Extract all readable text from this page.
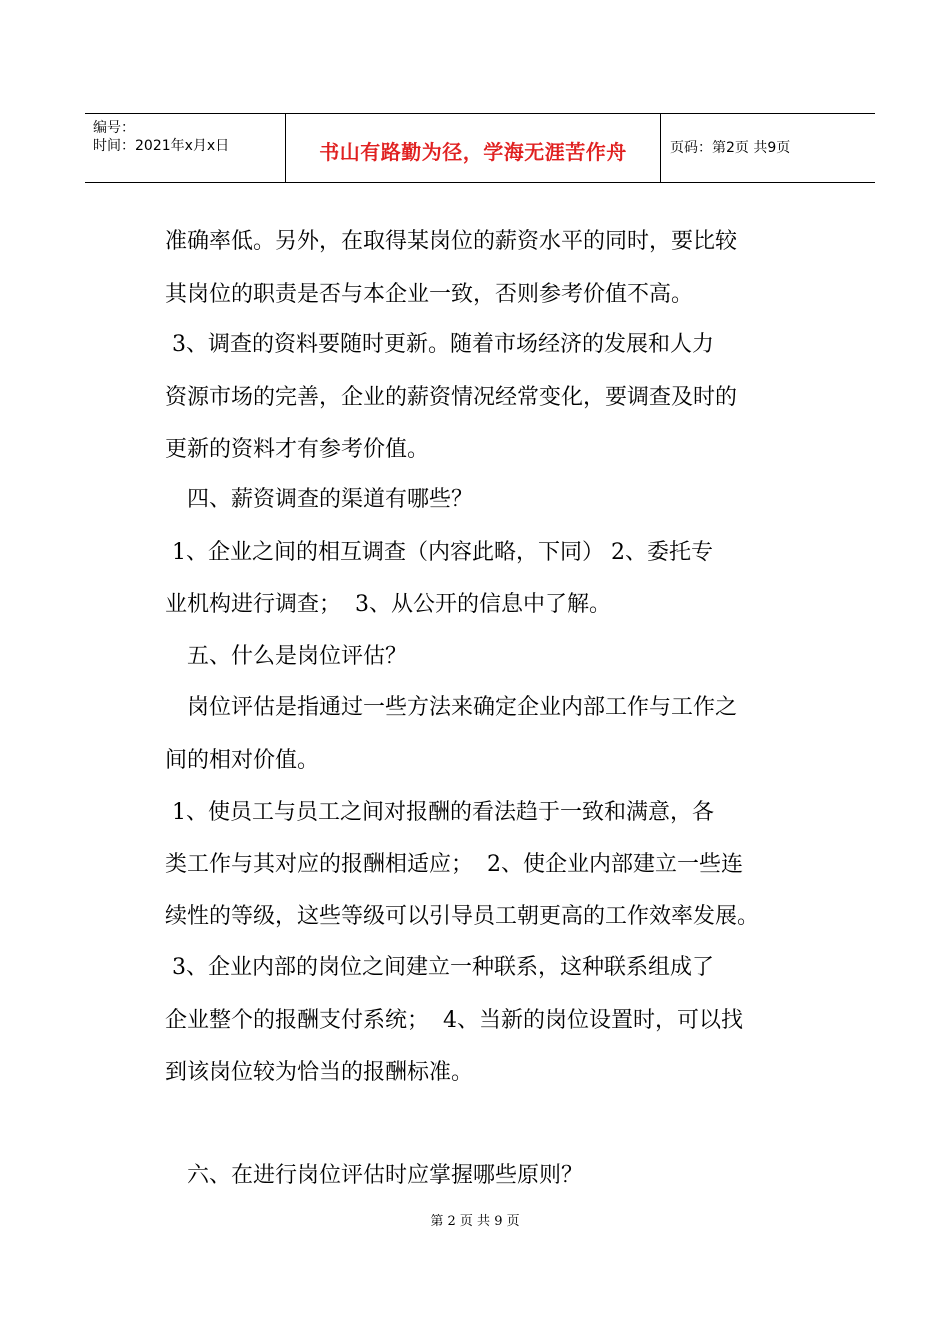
编号：
时间：2021年x月x日	书山有路勤为径，学海无涯苦作舟	页码：第2页 共9页
准确率低。另外，在取得某岗位的薪资水平的同时，要比较
其岗位的职责是否与本企业一致，否则参考价值不高。
3、调查的资料要随时更新。随着市场经济的发展和人力
资源市场的完善，企业的薪资情况经常变化，要调查及时的
更新的资料才有参考价值。
四、薪资调查的渠道有哪些？
1、企业之间的相互调查（内容此略，下同） 2、委托专
业机构进行调查；  3、从公开的信息中了解。
五、什么是岗位评估？
岗位评估是指通过一些方法来确定企业内部工作与工作之
间的相对价值。
1、使员工与员工之间对报酬的看法趋于一致和满意，各
类工作与其对应的报酬相适应；  2、使企业内部建立一些连
续性的等级，这些等级可以引导员工朝更高的工作效率发展。
3、企业内部的岗位之间建立一种联系，这种联系组成了
企业整个的报酬支付系统；  4、当新的岗位设置时，可以找
到该岗位较为恰当的报酬标准。
六、在进行岗位评估时应掌握哪些原则？
第 2 页 共 9 页
